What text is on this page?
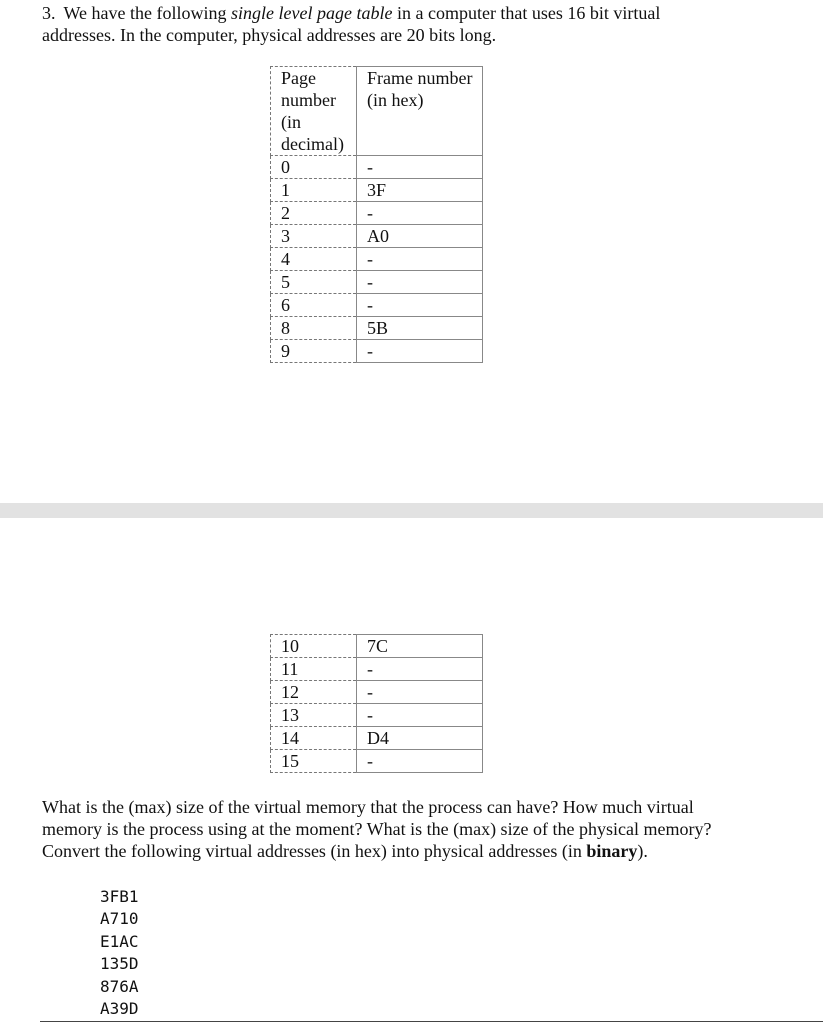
3. We have the following single level page table in a computer that uses 16 bit virtual addresses. In the computer, physical addresses are 20 bits long.

Page number (in decimal)	Frame number (in hex)
0	-
1	3F
2	-
3	A0
4	-
5	-
6	-
8	5B
9	-
10	7C
11	-
12	-
13	-
14	D4
15	-

What is the (max) size of the virtual memory that the process can have? How much virtual memory is the process using at the moment? What is the (max) size of the physical memory? Convert the following virtual addresses (in hex) into physical addresses (in binary).

3FB1
A710
E1AC
135D
876A
A39D
